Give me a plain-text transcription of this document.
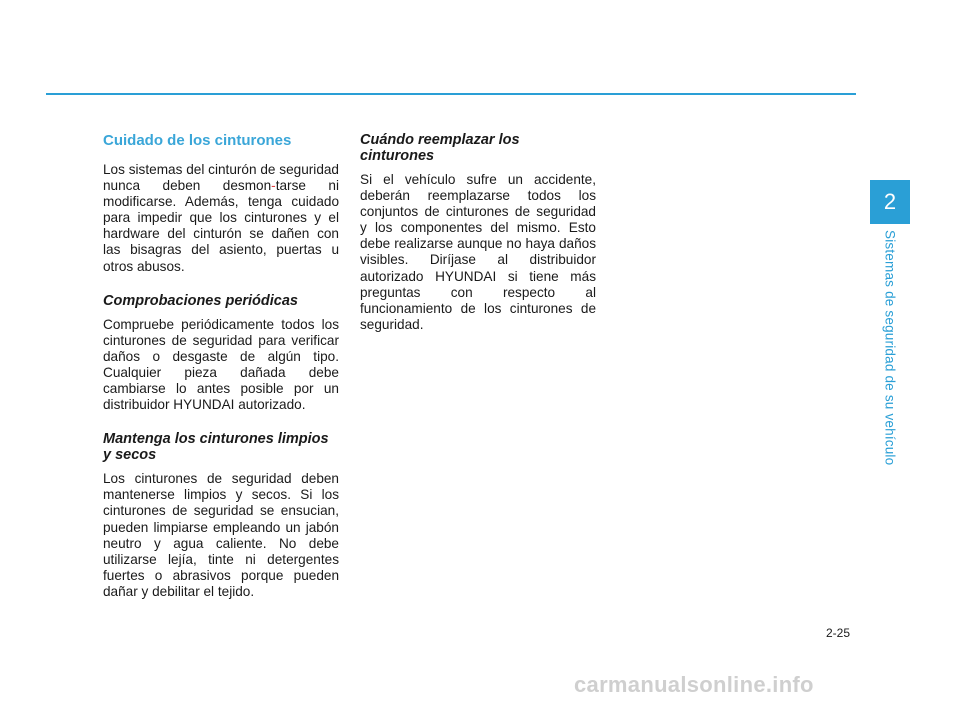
Cuidado de los cinturones

Los sistemas del cinturón de seguridad nunca deben desmon-tarse ni modificarse. Además, tenga cuidado para impedir que los cinturones y el hardware del cinturón se dañen con las bisagras del asiento, puertas u otros abusos.

Comprobaciones periódicas

Compruebe periódicamente todos los cinturones de seguridad para verificar daños o desgaste de algún tipo. Cualquier pieza dañada debe cambiarse lo antes posible por un distribuidor HYUNDAI autorizado.

Mantenga los cinturones limpios y secos

Los cinturones de seguridad deben mantenerse limpios y secos. Si los cinturones de seguridad se ensucian, pueden limpiarse empleando un jabón neutro y agua caliente. No debe utilizarse lejía, tinte ni detergentes fuertes o abrasivos porque pueden dañar y debilitar el tejido.

Cuándo reemplazar los cinturones

Si el vehículo sufre un accidente, deberán reemplazarse todos los conjuntos de cinturones de seguridad y los componentes del mismo. Esto debe realizarse aunque no haya daños visibles. Diríjase al distribuidor autorizado HYUNDAI si tiene más preguntas con respecto al funcionamiento de los cinturones de seguridad.

2
Sistemas de seguridad de su vehículo
2-25
carmanualsonline.info
